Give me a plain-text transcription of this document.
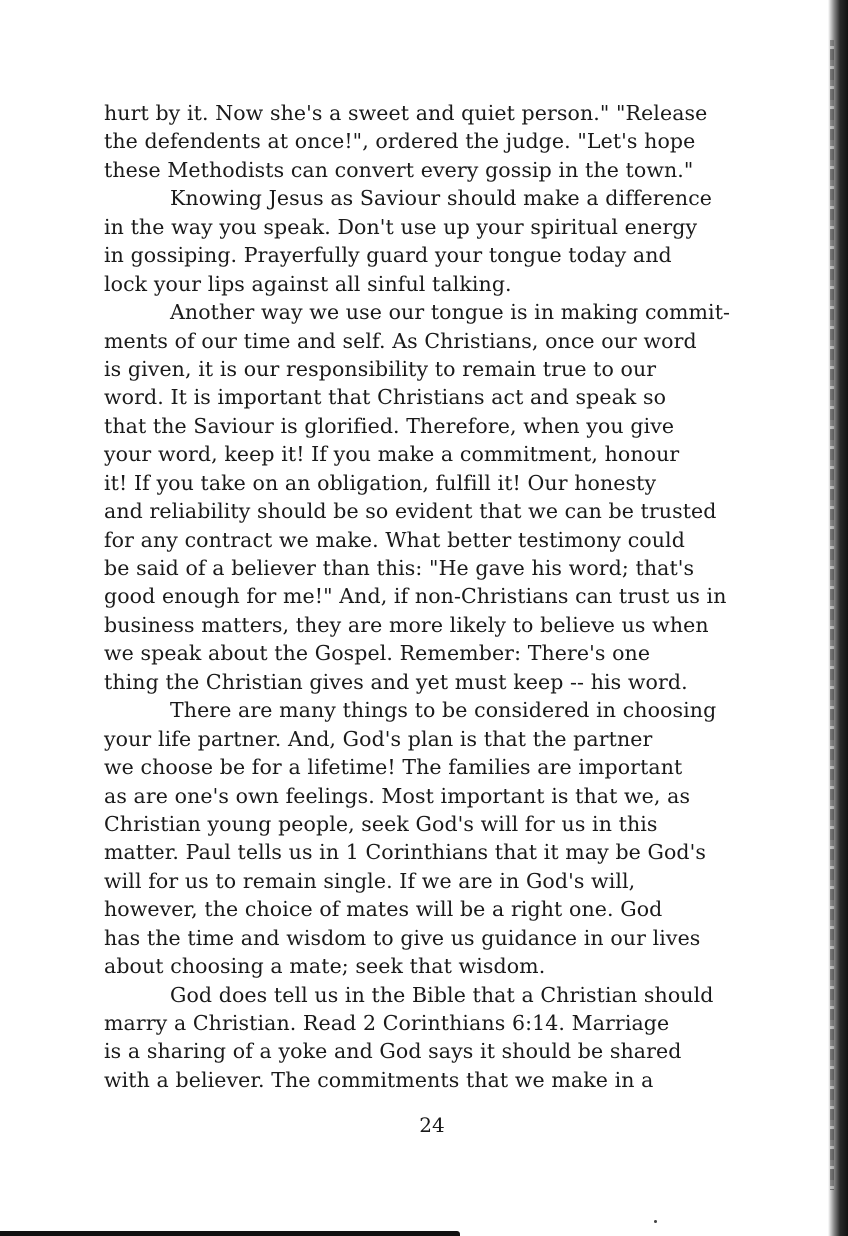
hurt by it. Now she's a sweet and quiet person." "Release
the defendents at once!", ordered the judge. "Let's hope
these Methodists can convert every gossip in the town."
Knowing Jesus as Saviour should make a difference
in the way you speak. Don't use up your spiritual energy
in gossiping. Prayerfully guard your tongue today and
lock your lips against all sinful talking.
Another way we use our tongue is in making commit-
ments of our time and self. As Christians, once our word
is given, it is our responsibility to remain true to our
word. It is important that Christians act and speak so
that the Saviour is glorified. Therefore, when you give
your word, keep it! If you make a commitment, honour
it! If you take on an obligation, fulfill it! Our honesty
and reliability should be so evident that we can be trusted
for any contract we make. What better testimony could
be said of a believer than this: "He gave his word; that's
good enough for me!" And, if non-Christians can trust us in
business matters, they are more likely to believe us when
we speak about the Gospel. Remember: There's one
thing the Christian gives and yet must keep -- his word.
There are many things to be considered in choosing
your life partner. And, God's plan is that the partner
we choose be for a lifetime! The families are important
as are one's own feelings. Most important is that we, as
Christian young people, seek God's will for us in this
matter. Paul tells us in 1 Corinthians that it may be God's
will for us to remain single. If we are in God's will,
however, the choice of mates will be a right one. God
has the time and wisdom to give us guidance in our lives
about choosing a mate; seek that wisdom.
God does tell us in the Bible that a Christian should
marry a Christian. Read 2 Corinthians 6:14. Marriage
is a sharing of a yoke and God says it should be shared
with a believer. The commitments that we make in a
24
